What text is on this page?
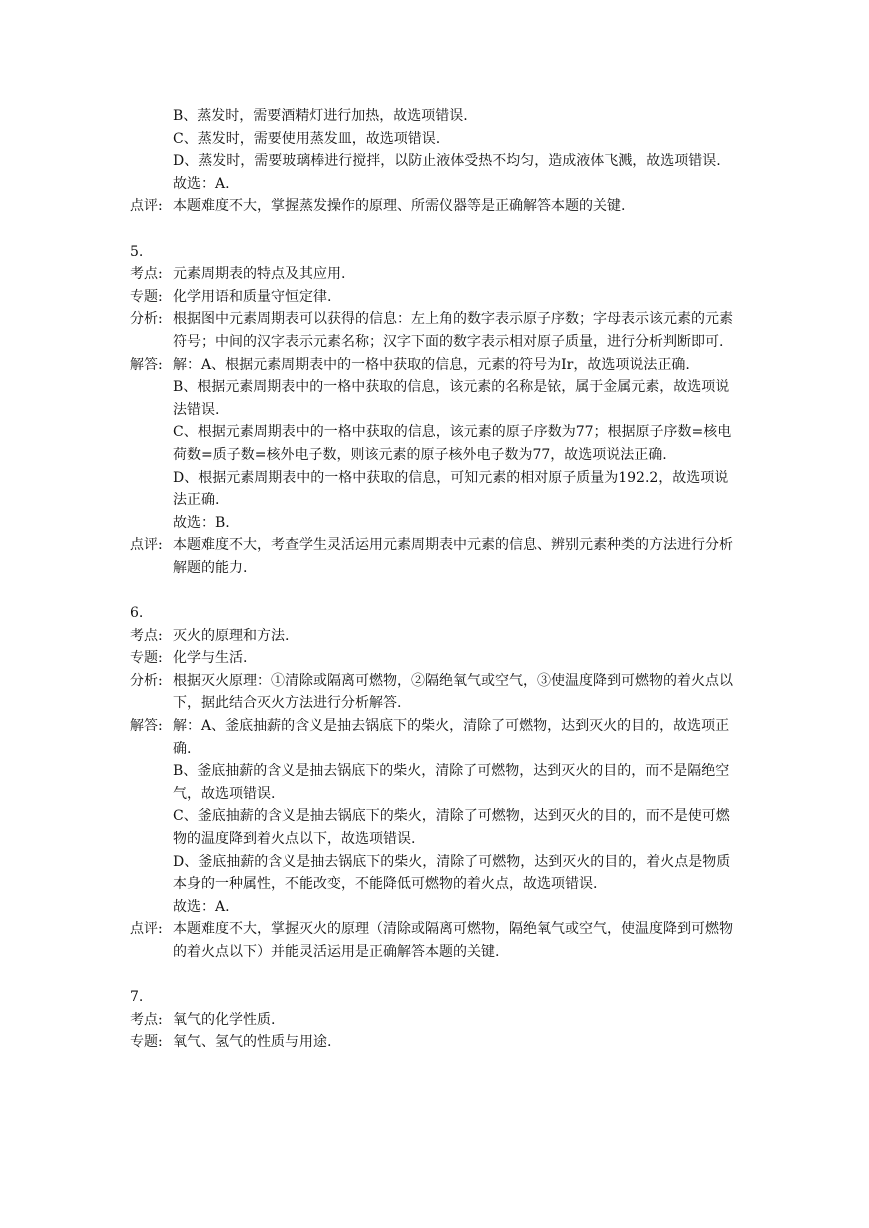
B、蒸发时，需要酒精灯进行加热，故选项错误.

C、蒸发时，需要使用蒸发皿，故选项错误.

D、蒸发时，需要玻璃棒进行搅拌，以防止液体受热不均匀，造成液体飞溅，故选项错误.

故选：A.

点评: 本题难度不大，掌握蒸发操作的原理、所需仪器等是正确解答本题的关键.

5.

考点: 元素周期表的特点及其应用.
专题: 化学用语和质量守恒定律.
分析: 根据图中元素周期表可以获得的信息：左上角的数字表示原子序数；字母表示该元素的元素符号；中间的汉字表示元素名称；汉字下面的数字表示相对原子质量，进行分析判断即可.
解答: 解：A、根据元素周期表中的一格中获取的信息，元素的符号为Ir，故选项说法正确.

B、根据元素周期表中的一格中获取的信息，该元素的名称是铱，属于金属元素，故选项说法错误.

C、根据元素周期表中的一格中获取的信息，该元素的原子序数为77；根据原子序数=核电荷数=质子数=核外电子数，则该元素的原子核外电子数为77，故选项说法正确.

D、根据元素周期表中的一格中获取的信息，可知元素的相对原子质量为192.2，故选项说法正确.

故选：B.

点评: 本题难度不大，考查学生灵活运用元素周期表中元素的信息、辨别元素种类的方法进行分析解题的能力.

6.

考点: 灭火的原理和方法.
专题: 化学与生活.
分析: 根据灭火原理：①清除或隔离可燃物，②隔绝氧气或空气，③使温度降到可燃物的着火点以下，据此结合灭火方法进行分析解答.
解答: 解：A、釜底抽薪的含义是抽去锅底下的柴火，清除了可燃物，达到灭火的目的，故选项正确.

B、釜底抽薪的含义是抽去锅底下的柴火，清除了可燃物，达到灭火的目的，而不是隔绝空气，故选项错误.

C、釜底抽薪的含义是抽去锅底下的柴火，清除了可燃物，达到灭火的目的，而不是使可燃物的温度降到着火点以下，故选项错误.

D、釜底抽薪的含义是抽去锅底下的柴火，清除了可燃物，达到灭火的目的，着火点是物质本身的一种属性，不能改变，不能降低可燃物的着火点，故选项错误.

故选：A.

点评: 本题难度不大，掌握灭火的原理（清除或隔离可燃物，隔绝氧气或空气，使温度降到可燃物的着火点以下）并能灵活运用是正确解答本题的关键.

7.

考点: 氧气的化学性质.
专题: 氧气、氢气的性质与用途.
